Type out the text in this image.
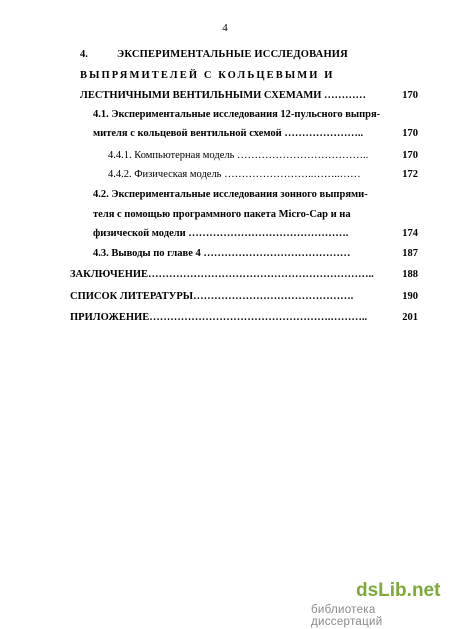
4
4.	ЭКСПЕРИМЕНТАЛЬНЫЕ ИССЛЕДОВАНИЯ
ВЫПРЯМИТЕЛЕЙ С КОЛЬЦЕВЫМИ И
ЛЕСТНИЧНЫМИ ВЕНТИЛЬНЫМИ СХЕМАМИ …………	170
4.1. Экспериментальные исследования 12-пульсного выпря-
мителя с кольцевой вентильной схемой …………………..	170
4.4.1. Компьютерная модель ………………………………..	170
4.4.2. Физическая модель ……………………..……..……	172
4.2. Экспериментальные исследования зонного выпрями-
теля с помощью программного пакета Micro-Cap и на
физической модели ……………………………………….	174
4.3. Выводы по главе 4 ……………………………………	187
ЗАКЛЮЧЕНИЕ………………………………………………………..	188
СПИСОК ЛИТЕРАТУРЫ……………………………………….	190
ПРИЛОЖЕНИЕ…………………………………………….………..	201
dsLib.net
библиотека диссертаций
